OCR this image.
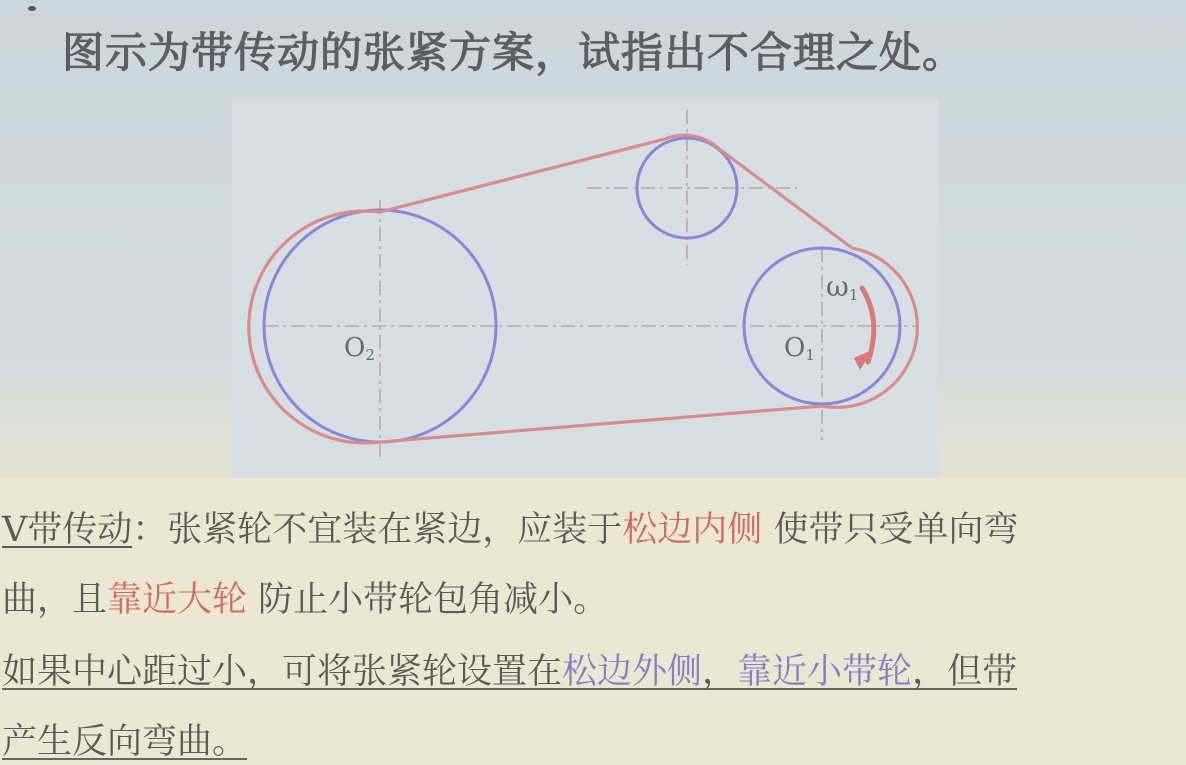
图示为带传动的张紧方案，试指出不合理之处。
O2	O1
ω1
V带传动：张紧轮不宜装在紧边，应装于松边内侧 使带只受单向弯
曲，且靠近大轮 防止小带轮包角减小。
如果中心距过小，可将张紧轮设置在松边外侧，靠近小带轮，但带
产生反向弯曲。
